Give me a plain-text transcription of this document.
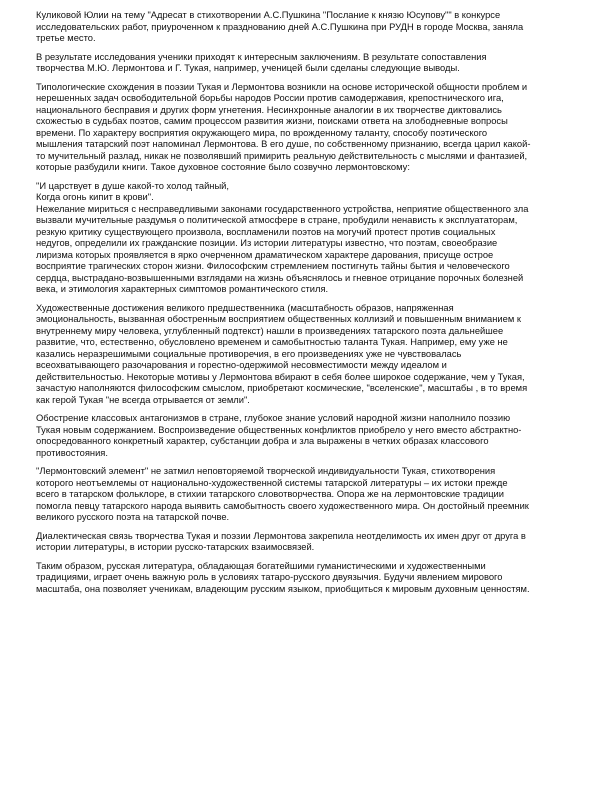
Куликовой Юлии на тему "Адресат в стихотворении А.С.Пушкина "Послание к князю Юсупову"" в конкурсе
исследовательских работ, приуроченном к празднованию дней А.С.Пушкина при РУДН в городе Москва, заняла
третье место.

В результате исследования ученики приходят к интересным заключениям. В результате сопоставления
творчества М.Ю. Лермонтова и Г. Тукая, например, ученицей были сделаны следующие выводы.

Типологические схождения в поэзии Тукая и Лермонтова возникли на основе исторической общности проблем и
нерешенных задач освободительной борьбы народов России против самодержавия, крепостнического ига,
национального бесправия и других форм угнетения. Несинхронные аналогии в их творчестве диктовались
схожестью в судьбах поэтов, самим процессом развития жизни, поисками ответа на злободневные вопросы
времени. По характеру восприятия окружающего мира, по врожденному таланту, способу поэтического
мышления татарский поэт напоминал Лермонтова. В его душе, по собственному признанию, всегда царил какой-
то мучительный разлад, никак не позволявший примирить реальную действительность с мыслями и фантазией,
которые разбудили книги. Такое духовное состояние было созвучно лермонтовскому:

"И царствует в душе какой-то холод тайный,
Когда огонь кипит в крови".
Нежелание мириться с несправедливыми законами государственного устройства, неприятие общественного зла
вызвали мучительные раздумья о политической атмосфере в стране, пробудили ненависть к эксплуататорам,
резкую критику существующего произвола, воспламенили поэтов на могучий протест против социальных
недугов, определили их гражданские позиции. Из истории литературы известно, что поэтам, своеобразие
лиризма которых проявляется в ярко очерченном драматическом характере дарования, присуще острое
восприятие трагических сторон жизни. Философским стремлением постигнуть тайны бытия и человеческого
сердца, выстрадано-возвышенными взглядами на жизнь объяснялось и гневное отрицание порочных болезней
века, и этимология характерных симптомов романтического стиля.

Художественные достижения великого предшественника (масштабность образов, напряженная
эмоциональность, вызванная обостренным восприятием общественных коллизий и повышенным вниманием к
внутреннему миру человека, углубленный подтекст) нашли в произведениях татарского поэта дальнейшее
развитие, что, естественно, обусловлено временем и самобытностью таланта Тукая. Например, ему уже не
казались неразрешимыми социальные противоречия, в его произведениях уже не чувствовалась
всеохватывающего разочарования и горестно-одержимой несовместимости между идеалом и
действительностью. Некоторые мотивы у Лермонтова вбирают в себя более широкое содержание, чем у Тукая,
зачастую наполняются философским смыслом, приобретают космические, "вселенские", масштабы , в то время
как герой Тукая "не всегда отрывается от земли".

Обострение классовых антагонизмов в стране, глубокое знание условий народной жизни наполнило поэзию
Тукая новым содержанием. Воспроизведение общественных конфликтов приобрело у него вместо абстрактно-
опосредованного конкретный характер, субстанции добра и зла выражены в четких образах классового
противостояния.

"Лермонтовский элемент" не затмил неповторяемой творческой индивидуальности Тукая, стихотворения
которого неотъемлемы от национально-художественной системы татарской литературы – их истоки прежде
всего в татарском фольклоре, в стихии татарского словотворчества. Опора же на лермонтовские традиции
помогла певцу татарского народа выявить самобытность своего художественного мира. Он достойный преемник
великого русского поэта на татарской почве.

Диалектическая связь творчества Тукая и поэзии Лермонтова закрепила неотделимость их имен друг от друга в
истории литературы, в истории русско-татарских взаимосвязей.

Таким образом, русская литература, обладающая богатейшими гуманистическими и художественными
традициями, играет очень важную роль в условиях татаро-русского двуязычия. Будучи явлением мирового
масштаба, она позволяет ученикам, владеющим русским языком, приобщиться к мировым духовным ценностям.
